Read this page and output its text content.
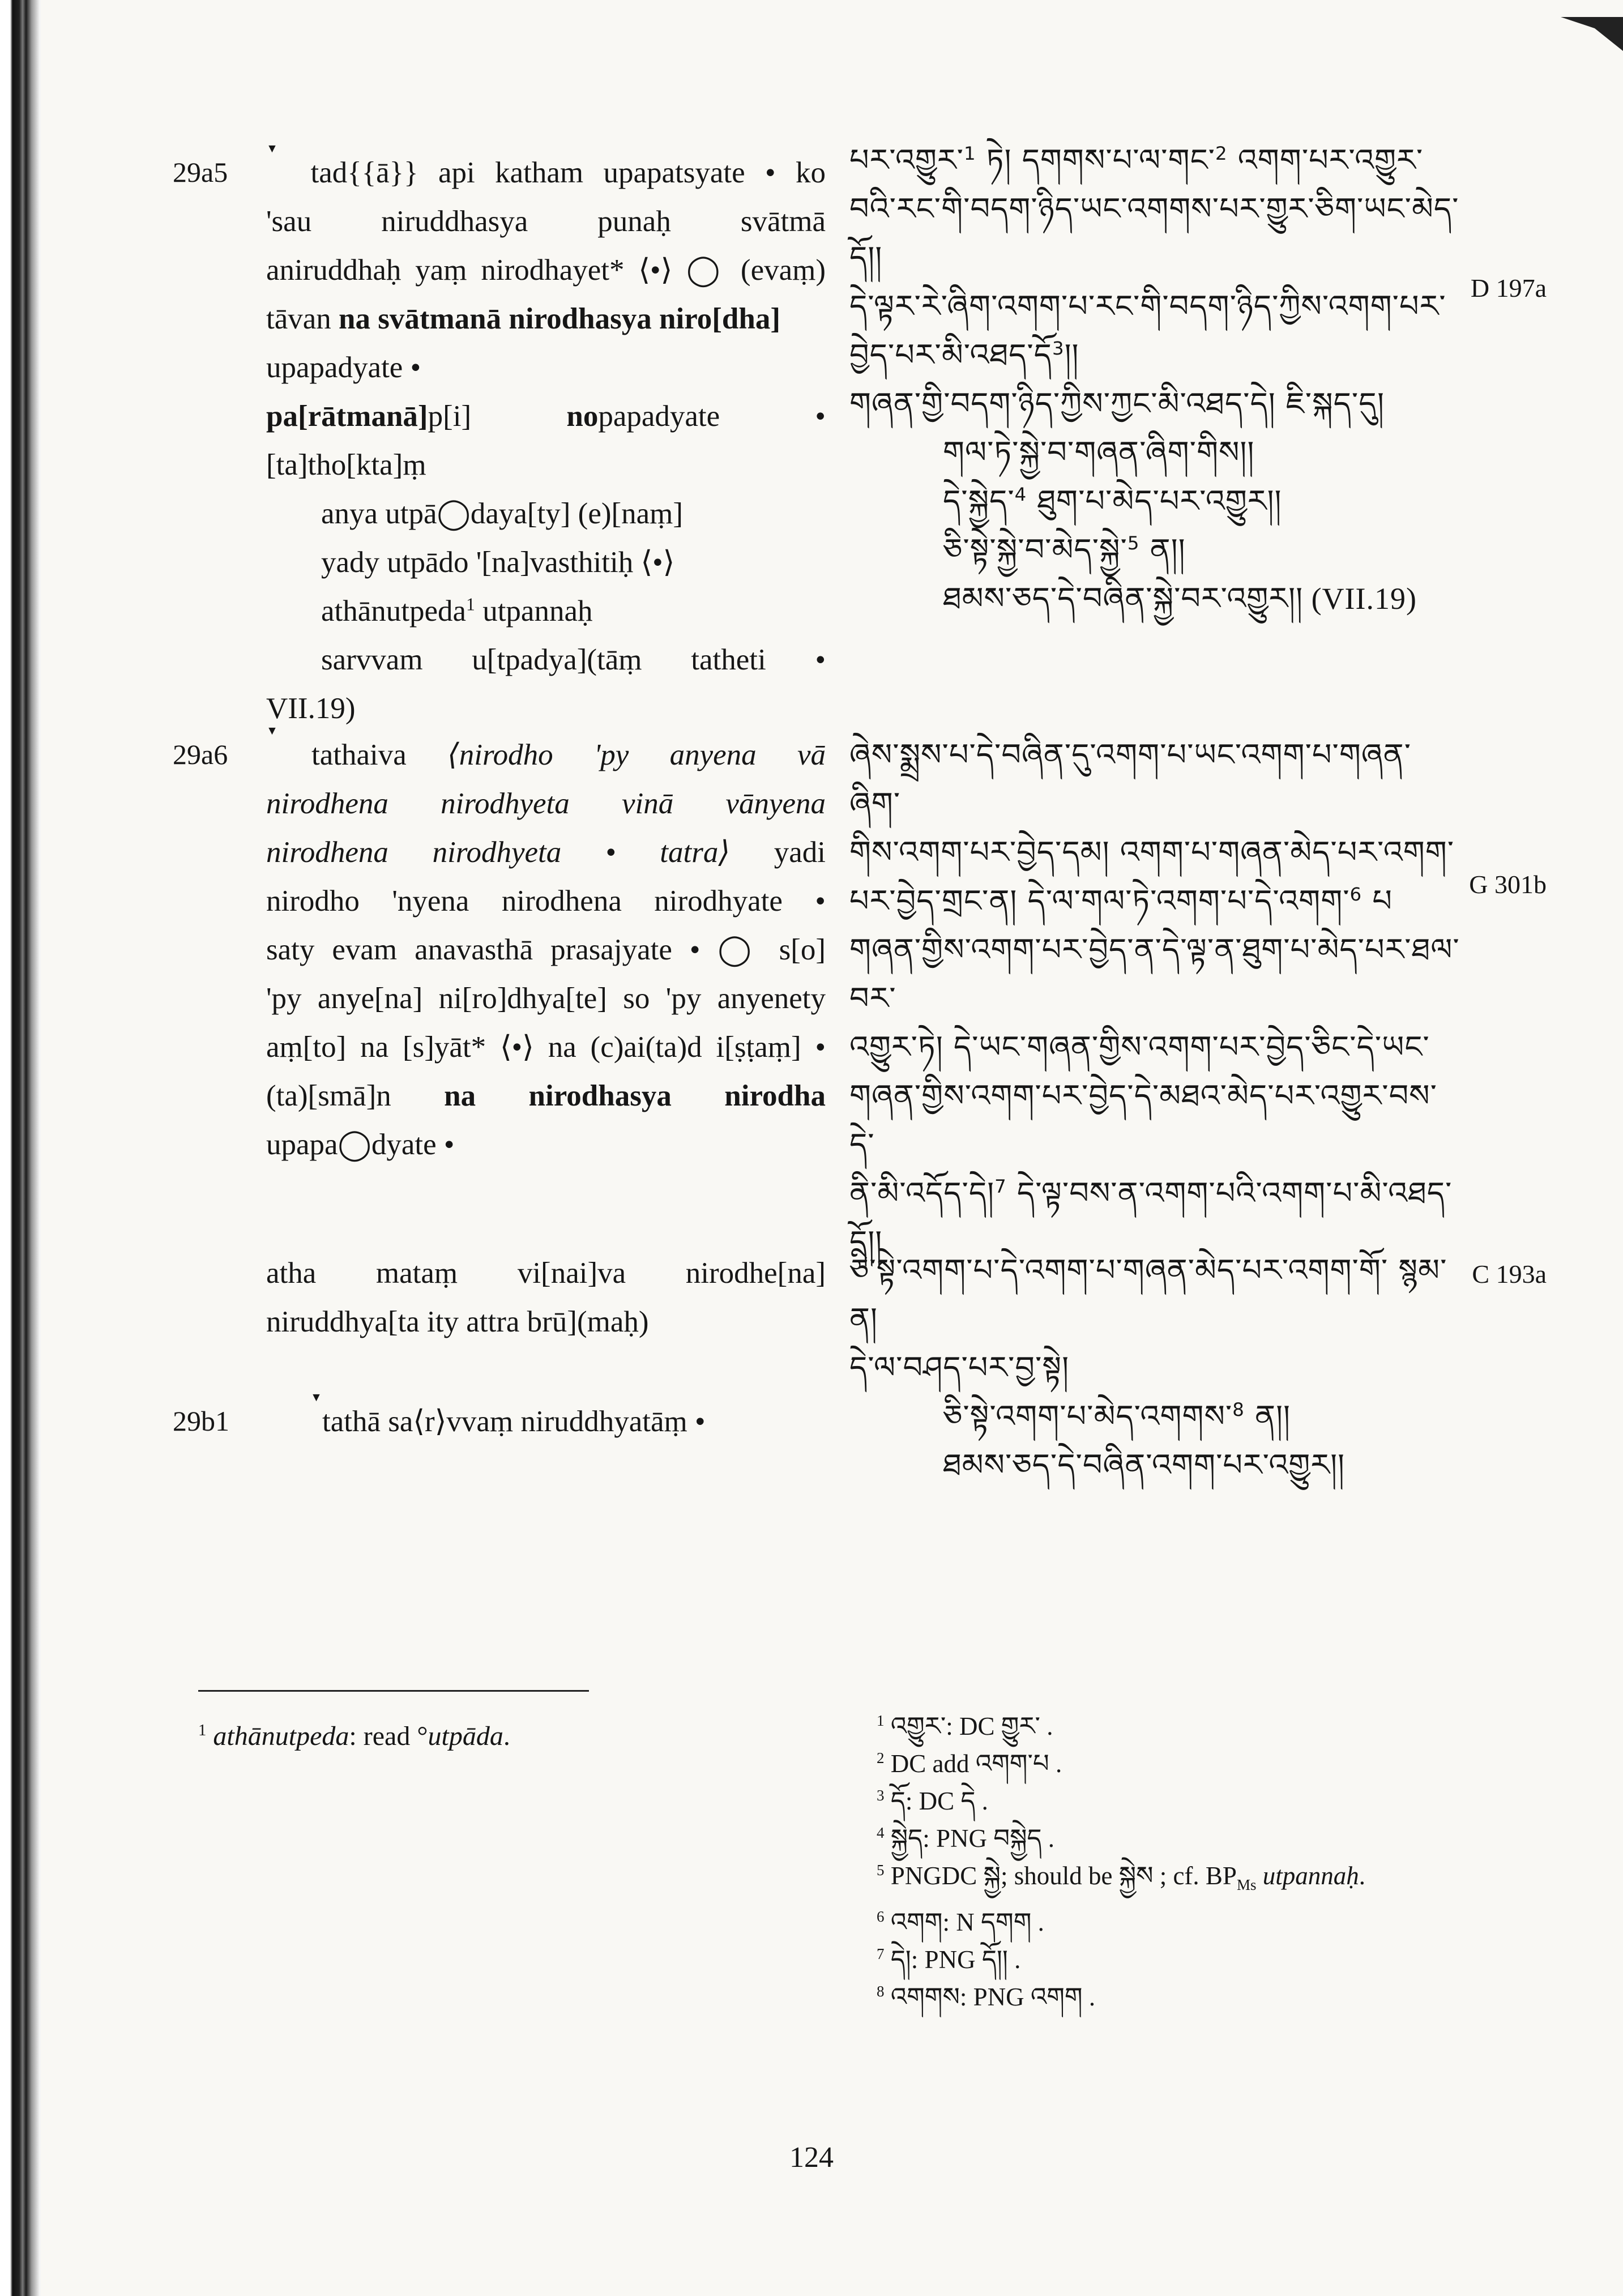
29a5
29a6
29b1
▼ tad{{ā}} api katham upapatsyate • ko
'sau niruddhasya punaḥ svātmā
aniruddhaḥ yaṃ nirodhayet* ⟨•⟩ ◯ (evaṃ)
tāvan na svātmanā nirodhasya niro[dha]
upapadyate •
pa[rātmanā]p[i] nopapadyate •
[ta]tho[kta]ṃ
anya utpā◯daya[ty] (e)[naṃ]
yady utpādo '[na]vasthitiḥ ⟨•⟩
athānutpeda$^1$ utpannaḥ
sarvvam u[tpadya](tāṃ tatheti •
VII.19)
▼tathaiva ⟨nirodho 'py anyena vā
nirodhena nirodhyeta vinā vānyena
nirodhena nirodhyeta • tatra⟩ yadi
nirodho 'nyena nirodhena nirodhyate •
saty evam anavasthā prasajyate • ◯ s[o]
'py anye[na] ni[ro]dhya[te] so 'py anyenety
aṃ[to] na [s]yāt* ⟨•⟩ na (c)ai(ta)d i[ṣṭaṃ] •
(ta)[smā]n na nirodhasya nirodha
upapa◯dyate •
atha mataṃ vi[nai]va nirodhe[na]
niruddhya[ta ity attra brū](maḥ)
▼tathā sa⟨r⟩vvaṃ niruddhyatāṃ •
པར་འགྱུར་$^1$ ཏེ། དགགས་པ་ལ་གང་$^2$ འགག་པར་འགྱུར་
བའི་རང་གི་བདག་ཉིད་ཡང་འགགས་པར་གྱུར་ཅིག་ཡང་མེད་དོ།།
དེ་ལྟར་རེ་ཞིག་འགག་པ་རང་གི་བདག་ཉིད་ཀྱིས་འགག་པར་
བྱེད་པར་མི་འཐད་དོ$^3$།།
གཞན་གྱི་བདག་ཉིད་ཀྱིས་ཀྱང་མི་འཐད་དེ། ཇི་སྐད་དུ།
གལ་ཏེ་སྐྱེ་བ་གཞན་ཞིག་གིས།།
དེ་སྐྱེད་$^4$ ཐུག་པ་མེད་པར་འགྱུར།།
ཅི་སྟེ་སྐྱེ་བ་མེད་སྐྱེ་$^5$ ན།།
ཐམས་ཅད་དེ་བཞིན་སྐྱེ་བར་འགྱུར།། (VII.19)
ཞེས་སྨྲས་པ་དེ་བཞིན་དུ་འགག་པ་ཡང་འགག་པ་གཞན་ཞིག་
གིས་འགག་པར་བྱེད་དམ། འགག་པ་གཞན་མེད་པར་འགག་
པར་བྱེད་གྲང་ན། དེ་ལ་གལ་ཏེ་འགག་པ་དེ་འགག་$^6$ པ
གཞན་གྱིས་འགག་པར་བྱེད་ན་དེ་ལྟ་ན་ཐུག་པ་མེད་པར་ཐལ་བར་
འགྱུར་ཏེ། དེ་ཡང་གཞན་གྱིས་འགག་པར་བྱེད་ཅིང་དེ་ཡང་
གཞན་གྱིས་འགག་པར་བྱེད་དེ་མཐའ་མེད་པར་འགྱུར་བས་དེ་
ནི་མི་འདོད་དེ།$^7$ དེ་ལྟ་བས་ན་འགག་པའི་འགག་པ་མི་འཐད་
དོ།།
ཅི་སྟེ་འགག་པ་དེ་འགག་པ་གཞན་མེད་པར་འགག་གོ་ སྙམ་ན།
དེ་ལ་བཤད་པར་བྱ་སྟེ།
ཅི་སྟེ་འགག་པ་མེད་འགགས་$^8$ ན།།
ཐམས་ཅད་དེ་བཞིན་འགག་པར་འགྱུར།།
D 197a
G 301b
C 193a
$^1$ athānutpeda: read °utpāda.
$^1$ འགྱུར་: DC གྱུར་ .
$^2$ DC add འགག་པ .
$^3$ དོ: DC དེ .
$^4$ སྐྱེད: PNG བསྐྱེད .
$^5$ PNGDC སྐྱེ; should be སྐྱེས ; cf. $BP_{Ms}$ utpannaḥ.
$^6$ འགག: N དགག .
$^7$ དེ།: PNG དོ།། .
$^8$ འགགས: PNG འགག .
124
